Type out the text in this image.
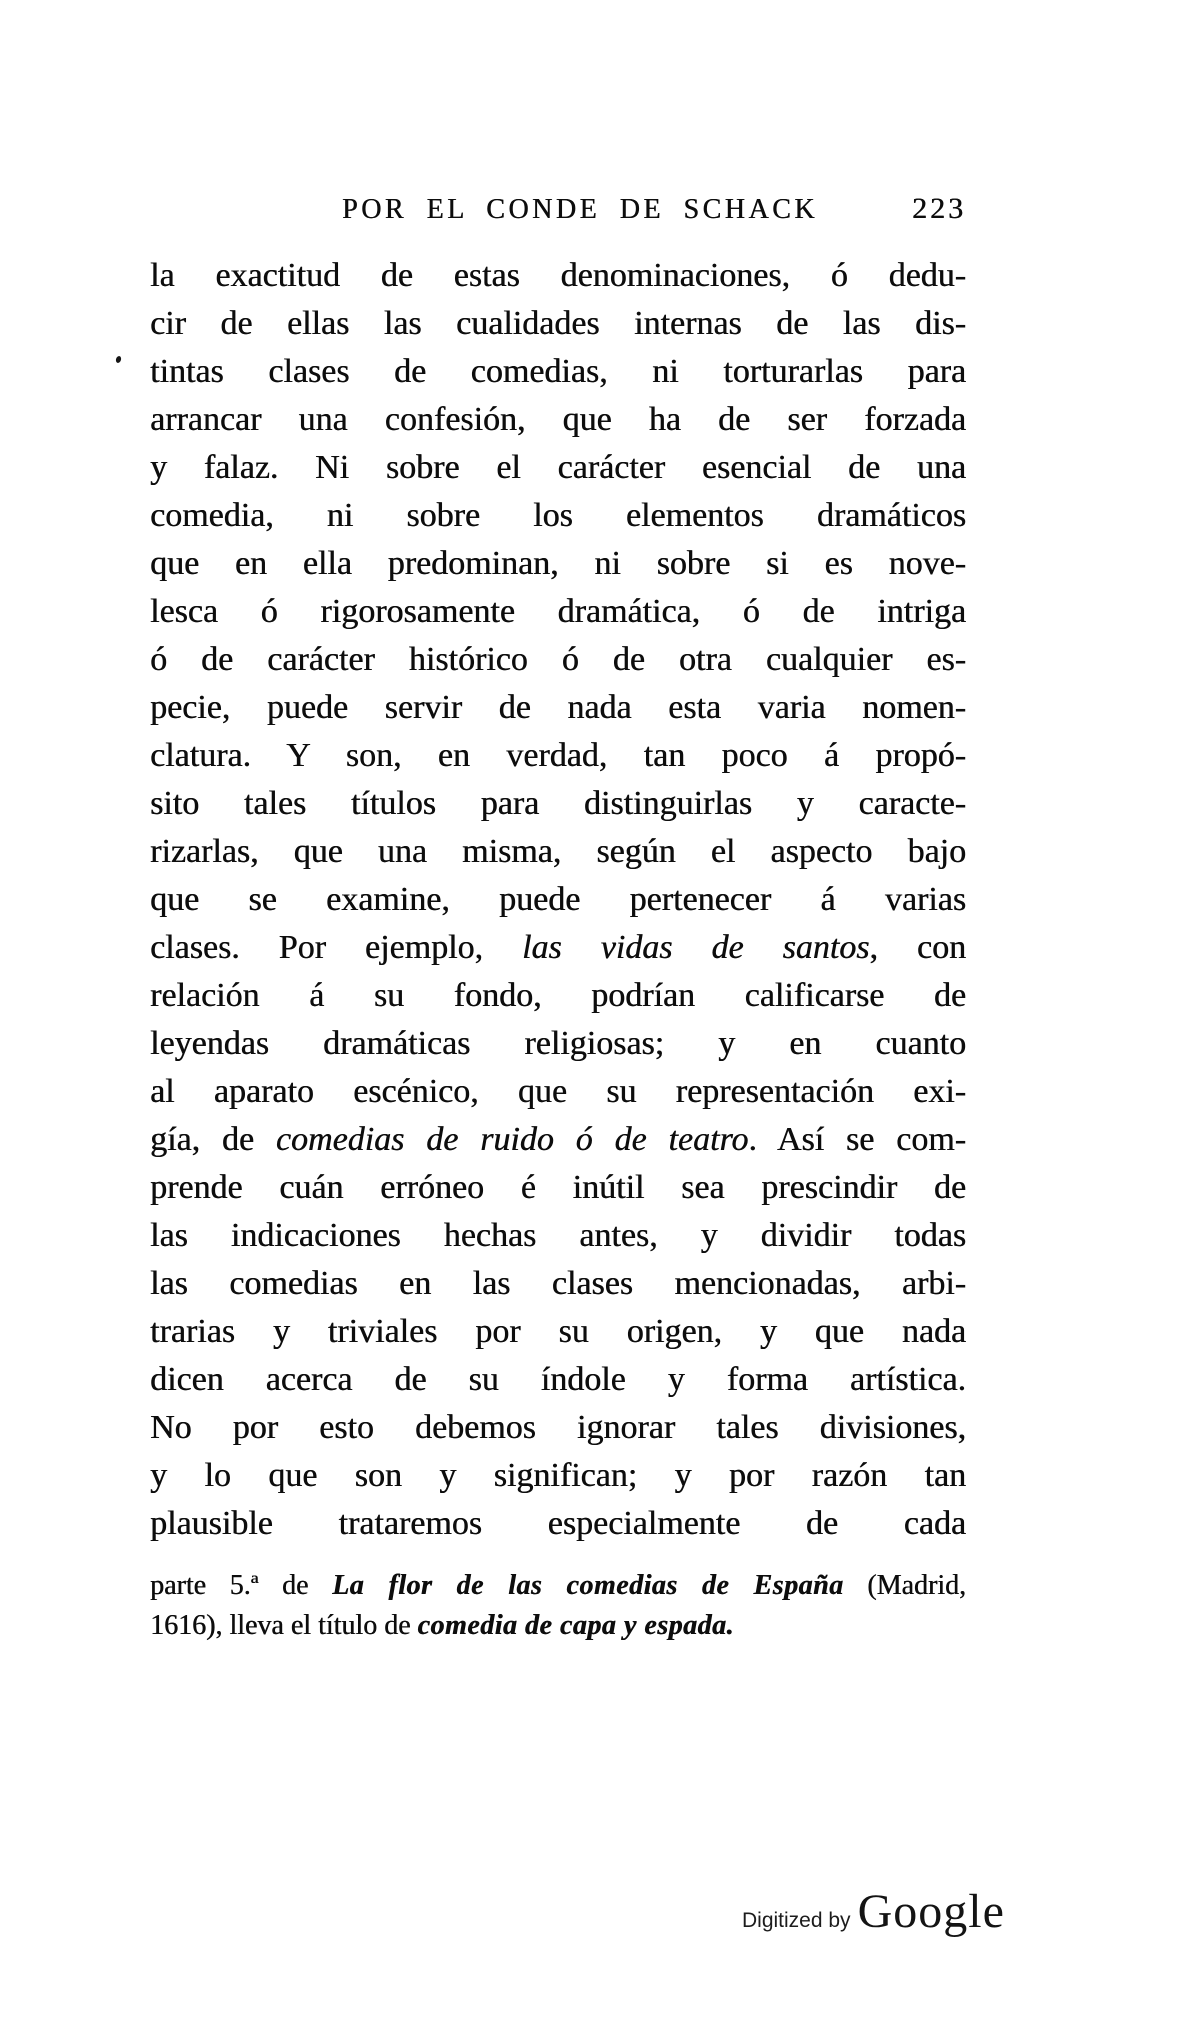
POR EL CONDE DE SCHACK	223
la exactitud de estas denominaciones, ó dedu-
cir de ellas las cualidades internas de las dis-
tintas clases de comedias, ni torturarlas para
arrancar una confesión, que ha de ser forzada
y falaz. Ni sobre el carácter esencial de una
comedia, ni sobre los elementos dramáticos
que en ella predominan, ni sobre si es nove-
lesca ó rigorosamente dramática, ó de intriga
ó de carácter histórico ó de otra cualquier es-
pecie, puede servir de nada esta varia nomen-
clatura. Y son, en verdad, tan poco á propó-
sito tales títulos para distinguirlas y caracte-
rizarlas, que una misma, según el aspecto bajo
que se examine, puede pertenecer á varias
clases. Por ejemplo, las vidas de santos, con
relación á su fondo, podrían calificarse de
leyendas dramáticas religiosas; y en cuanto
al aparato escénico, que su representación exi-
gía, de comedias de ruido ó de teatro. Así se com-
prende cuán erróneo é inútil sea prescindir de
las indicaciones hechas antes, y dividir todas
las comedias en las clases mencionadas, arbi-
trarias y triviales por su origen, y que nada
dicen acerca de su índole y forma artística.
No por esto debemos ignorar tales divisiones,
y lo que son y significan; y por razón tan
plausible trataremos especialmente de cada
parte 5.ª de La flor de las comedias de España (Madrid,
1616), lleva el título de comedia de capa y espada.
Digitized by Google
